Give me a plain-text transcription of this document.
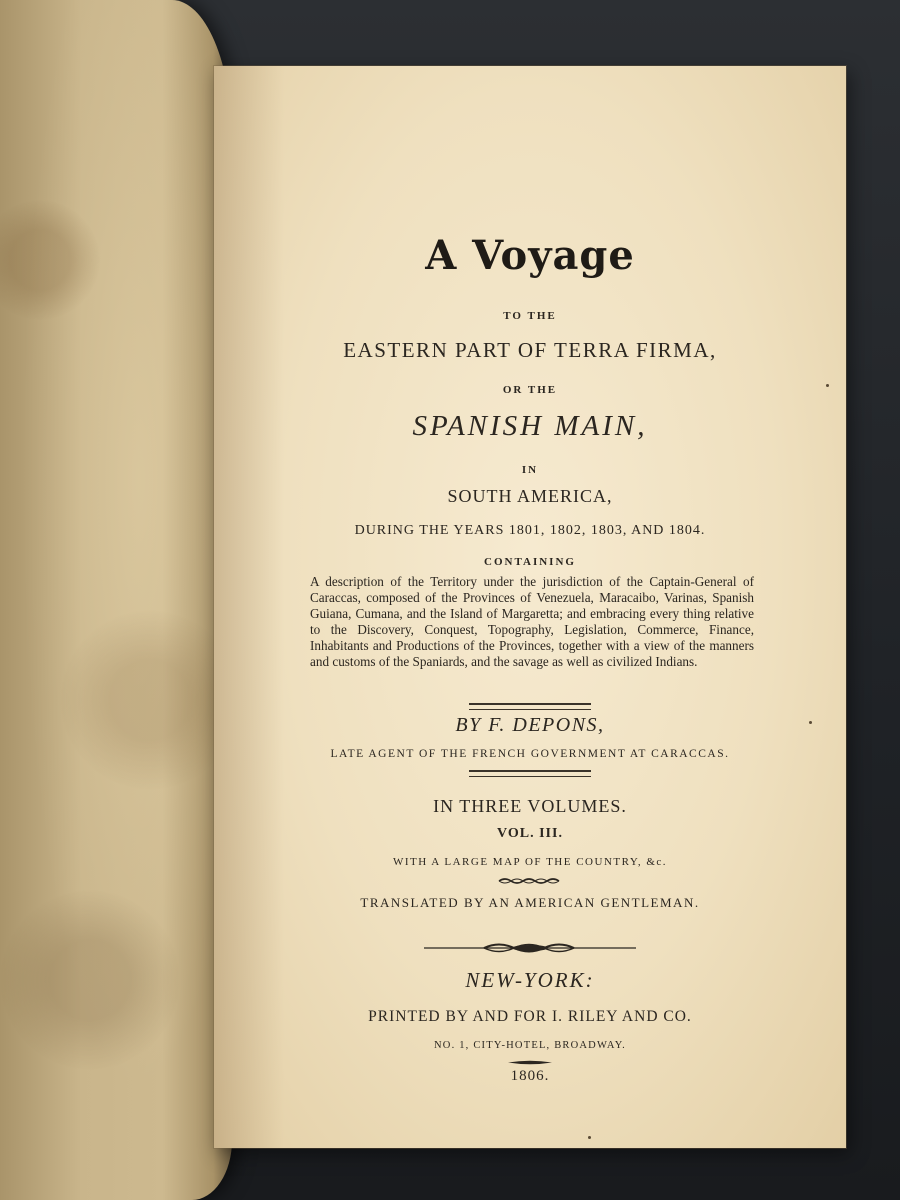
A Voyage
TO THE
EASTERN PART OF TERRA FIRMA,
OR THE
SPANISH MAIN,
IN
SOUTH AMERICA,
DURING THE YEARS 1801, 1802, 1803, AND 1804.
CONTAINING
A description of the Territory under the jurisdiction of the Captain-General of Caraccas, composed of the Provinces of Venezuela, Maracaibo, Varinas, Spanish Guiana, Cumana, and the Island of Margaretta; and embracing every thing relative to the Discovery, Conquest, Topography, Legislation, Commerce, Finance, Inhabitants and Productions of the Provinces, together with a view of the manners and customs of the Spaniards, and the savage as well as civilized Indians.
BY F. DEPONS,
LATE AGENT OF THE FRENCH GOVERNMENT AT CARACCAS.
IN THREE VOLUMES.
VOL. III.
WITH A LARGE MAP OF THE COUNTRY, &c.
TRANSLATED BY AN AMERICAN GENTLEMAN.
NEW-YORK:
PRINTED BY AND FOR I. RILEY AND CO.
NO. 1, CITY-HOTEL, BROADWAY.
1806.
